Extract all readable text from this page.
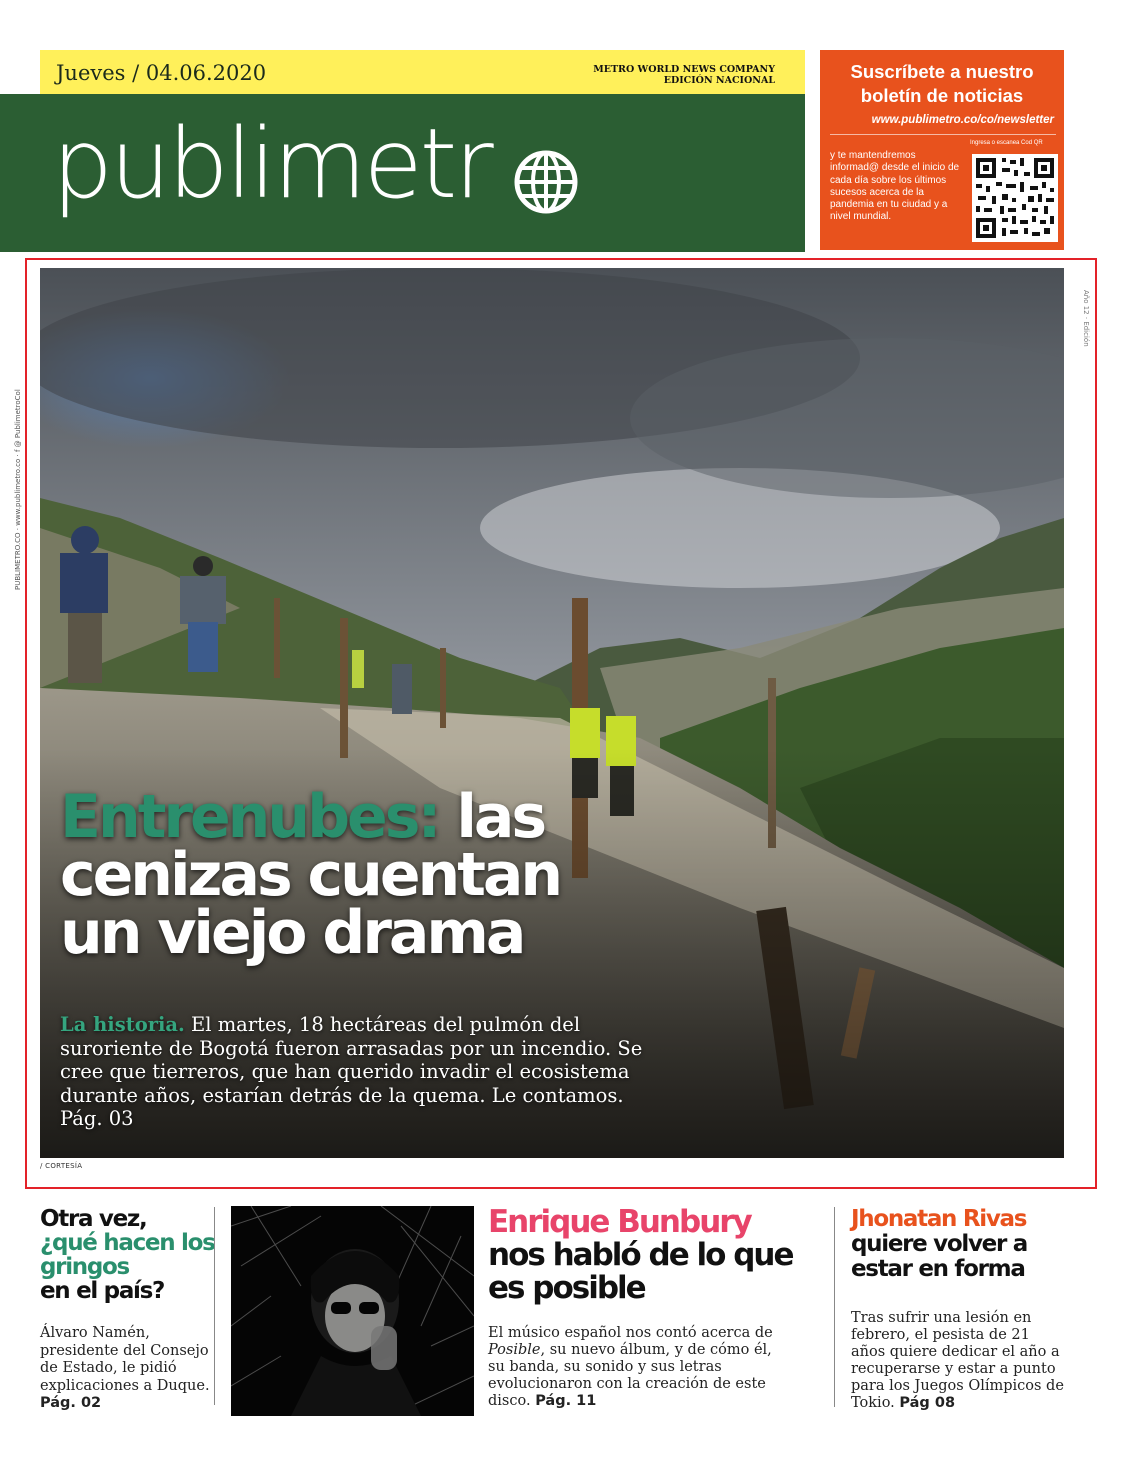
Jueves / 04.06.2020	METRO WORLD NEWS COMPANY
EDICIÓN NACIONAL
publimetr
Suscríbete a nuestro
boletín de noticias
www.publimetro.co/co/newsletter
Ingresa o escanea Cod QR
y te mantendremos informad@ desde el inicio de cada día sobre los últimos sucesos acerca de la pandemia en tu ciudad y a nivel mundial.
PUBLIMETRO.CO · www.publimetro.co · f @ PublimetroCol
Año 12 · Edición
Entrenubes: las
cenizas cuentan
un viejo drama
La historia. El martes, 18 hectáreas del pulmón del suroriente de Bogotá fueron arrasadas por un incendio. Se cree que tierreros, que han querido invadir el ecosistema durante años, estarían detrás de la quema. Le contamos. Pág. 03
/ CORTESÍA
Otra vez,
¿qué hacen los gringos
en el país?
Álvaro Namén, presidente del Consejo de Estado, le pidió explicaciones a Duque. Pág. 02
Enrique Bunbury
nos habló de lo que es posible
El músico español nos contó acerca de Posible, su nuevo álbum, y de cómo él, su banda, su sonido y sus letras evolucionaron con la creación de este disco. Pág. 11
Jhonatan Rivas
quiere volver a estar en forma
Tras sufrir una lesión en febrero, el pesista de 21 años quiere dedicar el año a recuperarse y estar a punto para los Juegos Olímpicos de Tokio. Pág 08
